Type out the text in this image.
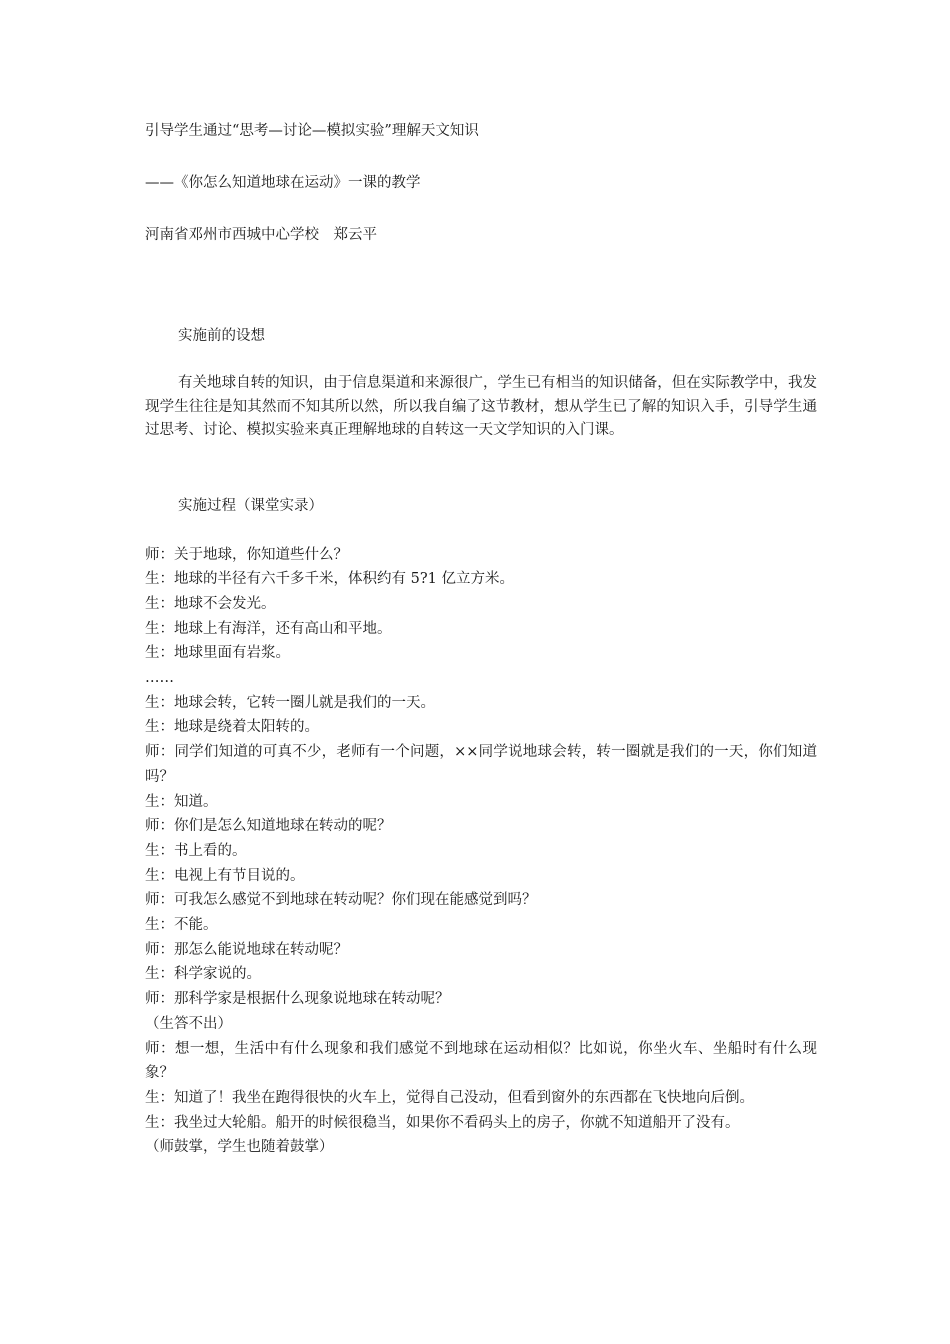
引导学生通过“思考—讨论—模拟实验”理解天文知识
——《你怎么知道地球在运动》一课的教学
河南省邓州市西城中心学校　郑云平
实施前的设想
有关地球自转的知识，由于信息渠道和来源很广，学生已有相当的知识储备，但在实际教学中，我发现学生往往是知其然而不知其所以然，所以我自编了这节教材，想从学生已了解的知识入手，引导学生通过思考、讨论、模拟实验来真正理解地球的自转这一天文学知识的入门课。
实施过程（课堂实录）
师：关于地球，你知道些什么？
生：地球的半径有六千多千米，体积约有 5?1 亿立方米。
生：地球不会发光。
生：地球上有海洋，还有高山和平地。
生：地球里面有岩浆。
……
生：地球会转，它转一圈儿就是我们的一天。
生：地球是绕着太阳转的。
师：同学们知道的可真不少，老师有一个问题，××同学说地球会转，转一圈就是我们的一天，你们知道吗？
生：知道。
师：你们是怎么知道地球在转动的呢？
生：书上看的。
生：电视上有节目说的。
师：可我怎么感觉不到地球在转动呢？你们现在能感觉到吗？
生：不能。
师：那怎么能说地球在转动呢？
生：科学家说的。
师：那科学家是根据什么现象说地球在转动呢？
（生答不出）
师：想一想，生活中有什么现象和我们感觉不到地球在运动相似？比如说，你坐火车、坐船时有什么现象？
生：知道了！我坐在跑得很快的火车上，觉得自己没动，但看到窗外的东西都在飞快地向后倒。
生：我坐过大轮船。船开的时候很稳当，如果你不看码头上的房子，你就不知道船开了没有。
（师鼓掌，学生也随着鼓掌）
